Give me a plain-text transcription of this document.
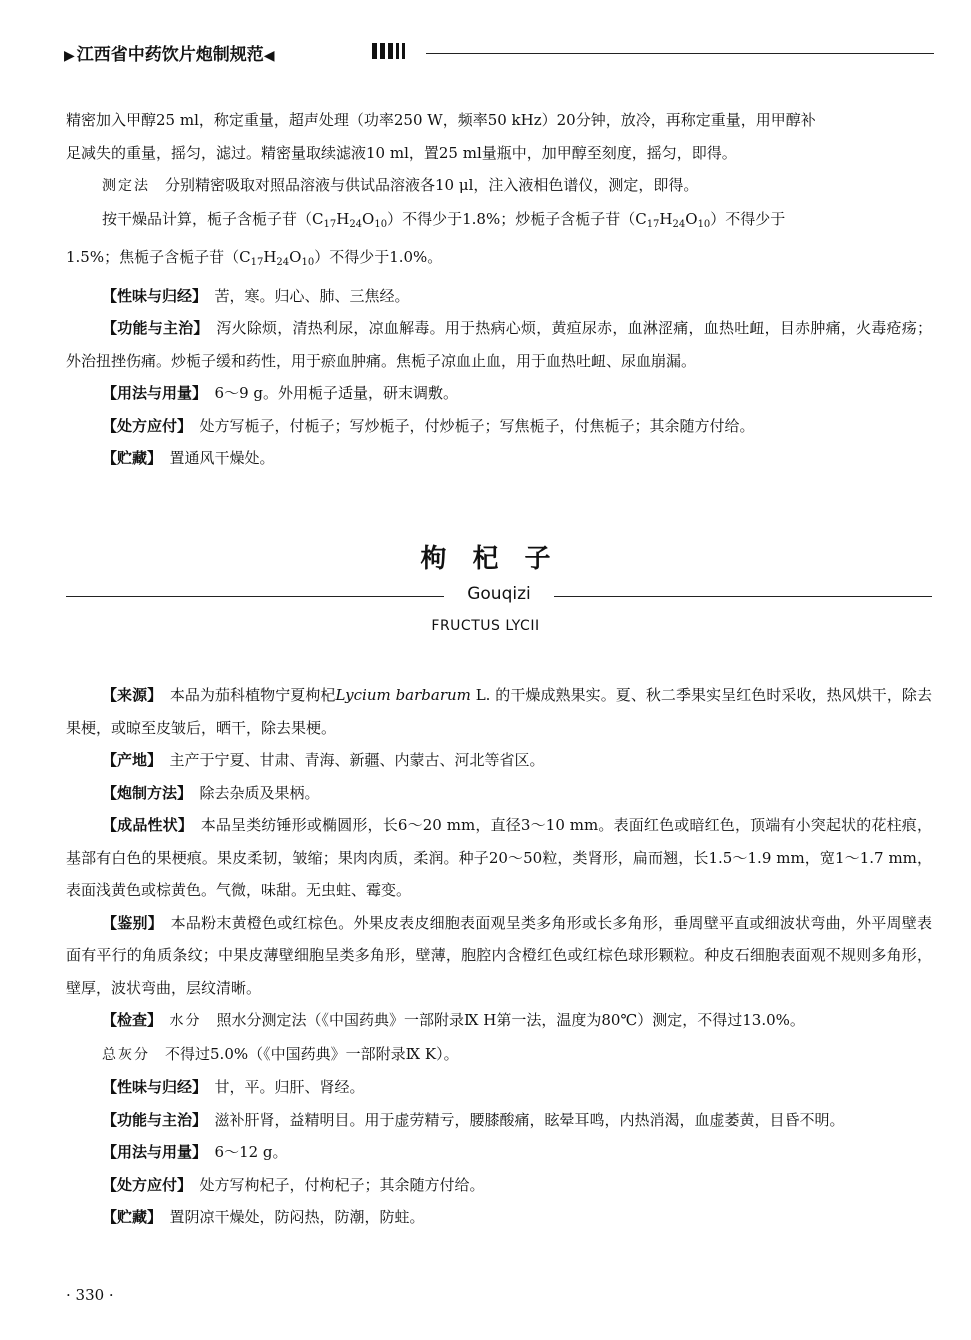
▶ 江西省中药饮片炮制规范◀

精密加入甲醇25 ml，称定重量，超声处理（功率250 W，频率50 kHz）20分钟，放冷，再称定重量，用甲醇补

足减失的重量，摇匀，滤过。精密量取续滤液10 ml，置25 ml量瓶中，加甲醇至刻度，摇匀，即得。

测定法　 分别精密吸取对照品溶液与供试品溶液各10 μl，注入液相色谱仪，测定，即得。

按干燥品计算，栀子含栀子苷$(C_{17}H_{24}O_{10})$不得少于1.8%；炒栀子含栀子苷$(C_{17}H_{24}O_{10})$不得少于
1.5%；焦栀子含栀子苷$(C_{17}H_{24}O_{10})$不得少于1.0%。

【性味与归经】　 苦，寒。归心、肺、三焦经。

【功能与主治】　 泻火除烦，清热利尿，凉血解毒。用于热病心烦，黄疸尿赤，血淋涩痛，血热吐衄，目赤肿痛，火毒疮疡；外治扭挫伤痛。炒栀子缓和药性，用于瘀血肿痛。焦栀子凉血止血，用于血热吐衄、尿血崩漏。

【用法与用量】　 6～9 g。外用栀子适量，研末调敷。

【处方应付】　 处方写栀子，付栀子；写炒栀子，付炒栀子；写焦栀子，付焦栀子；其余随方付给。

【贮藏】　 置通风干燥处。

枸杞子
Gouqizi
FRUCTUS LYCII

【来源】　 本品为茄科植物宁夏枸杞Lycium barbarum L. 的干燥成熟果实。夏、秋二季果实呈红色时采收，热风烘干，除去果梗，或晾至皮皱后，晒干，除去果梗。

【产地】　 主产于宁夏、甘肃、青海、新疆、内蒙古、河北等省区。

【炮制方法】　 除去杂质及果柄。

【成品性状】　 本品呈类纺锤形或椭圆形，长6～20 mm，直径3～10 mm。表面红色或暗红色，顶端有小突起状的花柱痕，基部有白色的果梗痕。果皮柔韧，皱缩；果肉肉质，柔润。种子20～50粒，类肾形，扁而翘，长1.5～1.9 mm，宽1～1.7 mm，表面浅黄色或棕黄色。气微，味甜。无虫蛀、霉变。

【鉴别】　 本品粉末黄橙色或红棕色。外果皮表皮细胞表面观呈类多角形或长多角形，垂周壁平直或细波状弯曲，外平周壁表面有平行的角质条纹；中果皮薄壁细胞呈类多角形，壁薄，胞腔内含橙红色或红棕色球形颗粒。种皮石细胞表面观不规则多角形，壁厚，波状弯曲，层纹清晰。

【检查】　 水分　 照水分测定法（《中国药典》一部附录Ⅸ H第一法，温度为80℃）测定，不得过13.0%。

总灰分　 不得过5.0%（《中国药典》一部附录Ⅸ K）。

【性味与归经】　 甘，平。归肝、肾经。

【功能与主治】　 滋补肝肾，益精明目。用于虚劳精亏，腰膝酸痛，眩晕耳鸣，内热消渴，血虚萎黄，目昏不明。

【用法与用量】　 6～12 g。

【处方应付】　 处方写枸杞子，付枸杞子；其余随方付给。

【贮藏】　 置阴凉干燥处，防闷热，防潮，防蛀。

· 330 ·
